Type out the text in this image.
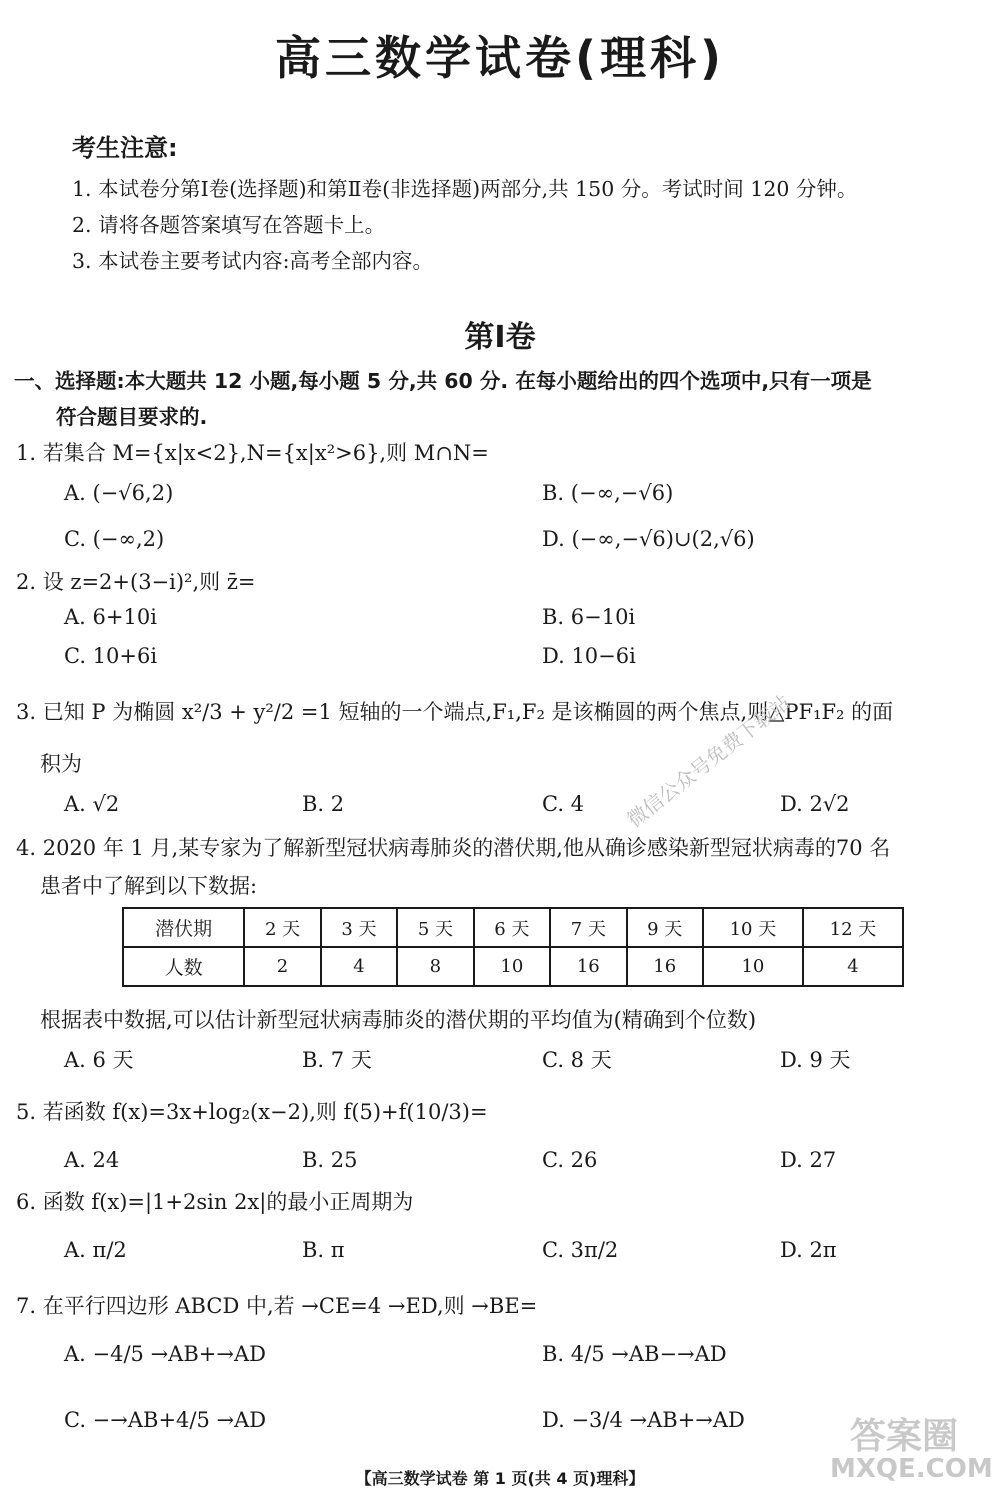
高三数学试卷(理科)
考生注意:
1. 本试卷分第Ⅰ卷(选择题)和第Ⅱ卷(非选择题)两部分,共 150 分。考试时间 120 分钟。
2. 请将各题答案填写在答题卡上。
3. 本试卷主要考试内容:高考全部内容。
第Ⅰ卷
一、选择题:本大题共 12 小题,每小题 5 分,共 60 分. 在每小题给出的四个选项中,只有一项是
符合题目要求的.
1. 若集合 M={x|x<2},N={x|x²>6},则 M∩N=
A. (−√6,2)	B. (−∞,−√6)
C. (−∞,2)	D. (−∞,−√6)∪(2,√6)
2. 设 z=2+(3−i)²,则 z̄=
A. 6+10i	B. 6−10i
C. 10+6i	D. 10−6i
3. 已知 P 为椭圆 x²/3 + y²/2 =1 短轴的一个端点,F₁,F₂ 是该椭圆的两个焦点,则△PF₁F₂ 的面
积为
A. √2	B. 2	C. 4	D. 2√2
4. 2020 年 1 月,某专家为了解新型冠状病毒肺炎的潜伏期,他从确诊感染新型冠状病毒的70 名
患者中了解到以下数据:
潜伏期	2 天	3 天	5 天	6 天	7 天	9 天	10 天	12 天
人数	2	4	8	10	16	16	10	4
根据表中数据,可以估计新型冠状病毒肺炎的潜伏期的平均值为(精确到个位数)
A. 6 天	B. 7 天	C. 8 天	D. 9 天
5. 若函数 f(x)=3x+log₂(x−2),则 f(5)+f(10/3)=
A. 24	B. 25	C. 26	D. 27
6. 函数 f(x)=|1+2sin 2x|的最小正周期为
A. π/2	B. π	C. 3π/2	D. 2π
7. 在平行四边形 ABCD 中,若 →CE=4 →ED,则 →BE=
A. −4/5 →AB+→AD	B. 4/5 →AB−→AD
C. −→AB+4/5 →AD	D. −3/4 →AB+→AD
微信公众号免费下载站
答案圈
MXQE.COM
【高三数学试卷 第 1 页(共 4 页)理科】
